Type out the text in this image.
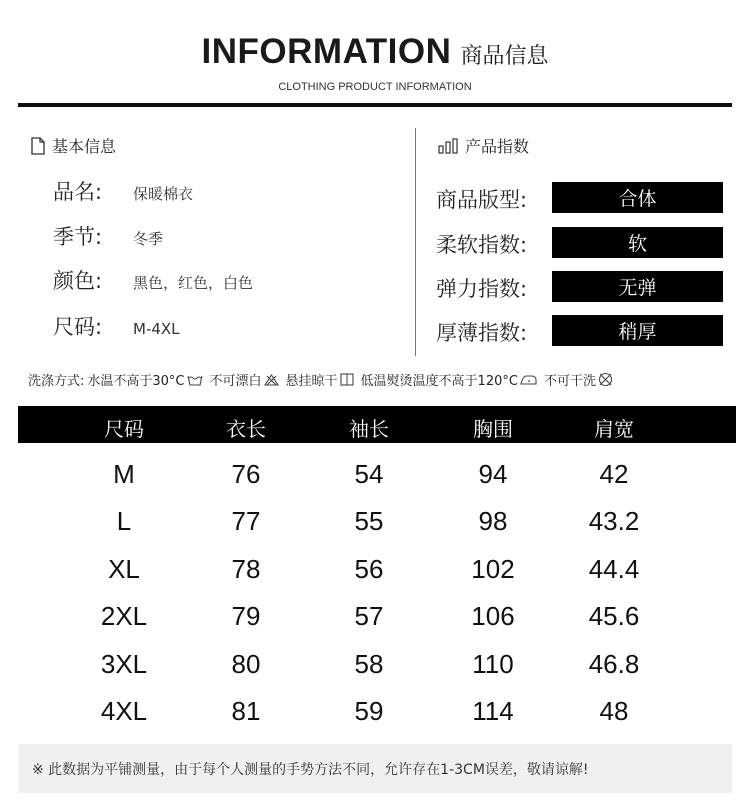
INFORMATION 商品信息
CLOTHING PRODUCT INFORMATION
基本信息
品名:	保暖棉衣
季节:	冬季
颜色:	黑色，红色，白色
尺码:	M-4XL
产品指数
商品版型:	合体
柔软指数:	软
弹力指数:	无弹
厚薄指数:	稍厚
洗涤方式: 水温不高于30°C 不可漂白 悬挂晾干 低温熨烫温度不高于120°C 不可干洗
尺码	衣长	袖长	胸围	肩宽
M	76	54	94	42
L	77	55	98	43.2
XL	78	56	102	44.4
2XL	79	57	106	45.6
3XL	80	58	110	46.8
4XL	81	59	114	48
※ 此数据为平铺测量，由于每个人测量的手势方法不同，允许存在1-3CM误差，敬请谅解!
